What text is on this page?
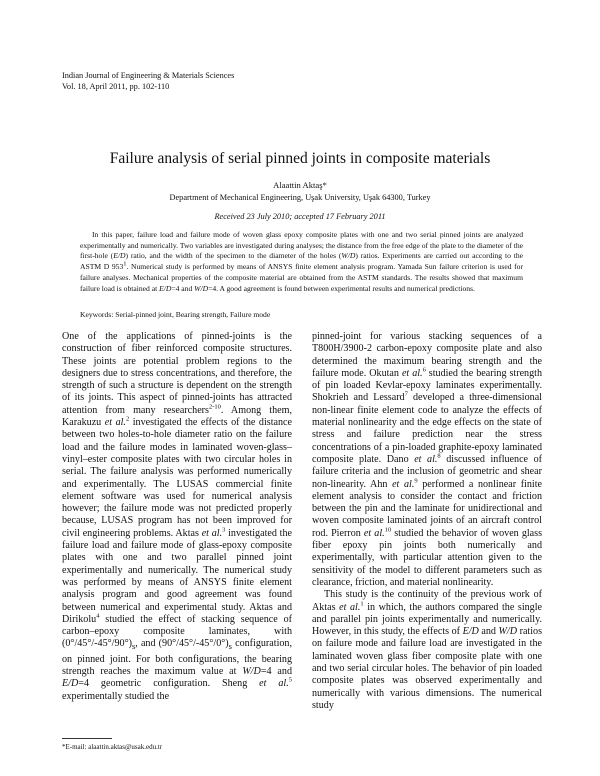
Indian Journal of Engineering & Materials Sciences
Vol. 18, April 2011, pp. 102-110
Failure analysis of serial pinned joints in composite materials
Alaattin Aktaş*
Department of Mechanical Engineering, Uşak University, Uşak 64300, Turkey
Received 23 July 2010; accepted 17 February 2011
In this paper, failure load and failure mode of woven glass epoxy composite plates with one and two serial pinned joints are analyzed experimentally and numerically. Two variables are investigated during analyses; the distance from the free edge of the plate to the diameter of the first-hole (E/D) ratio, and the width of the specimen to the diameter of the holes (W/D) ratios. Experiments are carried out according to the ASTM D $953^1$. Numerical study is performed by means of ANSYS finite element analysis program. Yamada Sun failure criterion is used for failure analyses. Mechanical properties of the composite material are obtained from the ASTM standards. The results showed that maximum failure load is obtained at E/D=4 and W/D=4. A good agreement is found between experimental results and numerical predictions.
Keywords: Serial-pinned joint, Bearing strength, Failure mode

One of the applications of pinned-joints is the construction of fiber reinforced composite structures. These joints are potential problem regions to the designers due to stress concentrations, and therefore, the strength of such a structure is dependent on the strength of its joints. This aspect of pinned-joints has attracted attention from many researchers$^{2-10}$. Among them, Karakuzu et al.$^2$ investigated the effects of the distance between two holes-to-hole diameter ratio on the failure load and the failure modes in laminated woven-glass–vinyl–ester composite plates with two circular holes in serial. The failure analysis was performed numerically and experimentally. The LUSAS commercial finite element software was used for numerical analysis however; the failure mode was not predicted properly because, LUSAS program has not been improved for civil engineering problems. Aktas et al.$^3$ investigated the failure load and failure mode of glass-epoxy composite plates with one and two parallel pinned joint experimentally and numerically. The numerical study was performed by means of ANSYS finite element analysis program and good agreement was found between numerical and experimental study. Aktas and Dirikolu$^4$ studied the effect of stacking sequence of carbon–epoxy composite laminates, with $(0^\circ/45^\circ/-45^\circ/90^\circ)_s$, and $(90^\circ/45^\circ/-45^\circ/0^\circ)_s$ configuration, on pinned joint. For both configurations, the bearing strength reaches the maximum value at W/D=4 and E/D=4 geometric configuration. Sheng et al.$^5$ experimentally studied the

pinned-joint for various stacking sequences of a T800H/3900-2 carbon-epoxy composite plate and also determined the maximum bearing strength and the failure mode. Okutan et al.$^6$ studied the bearing strength of pin loaded Kevlar-epoxy laminates experimentally. Shokrieh and Lessard$^7$ developed a three-dimensional non-linear finite element code to analyze the effects of material nonlinearity and the edge effects on the state of stress and failure prediction near the stress concentrations of a pin-loaded graphite-epoxy laminated composite plate. Dano et al.$^8$ discussed influence of failure criteria and the inclusion of geometric and shear non-linearity. Ahn et al.$^9$ performed a nonlinear finite element analysis to consider the contact and friction between the pin and the laminate for unidirectional and woven composite laminated joints of an aircraft control rod. Pierron et al.$^{10}$ studied the behavior of woven glass fiber epoxy pin joints both numerically and experimentally, with particular attention given to the sensitivity of the model to different parameters such as clearance, friction, and material nonlinearity.

This study is the continuity of the previous work of Aktas et al.$^1$ in which, the authors compared the single and parallel pin joints experimentally and numerically. However, in this study, the effects of E/D and W/D ratios on failure mode and failure load are investigated in the laminated woven glass fiber composite plate with one and two serial circular holes. The behavior of pin loaded composite plates was observed experimentally and numerically with various dimensions. The numerical study

*E-mail: alaattin.aktas@usak.edu.tr
